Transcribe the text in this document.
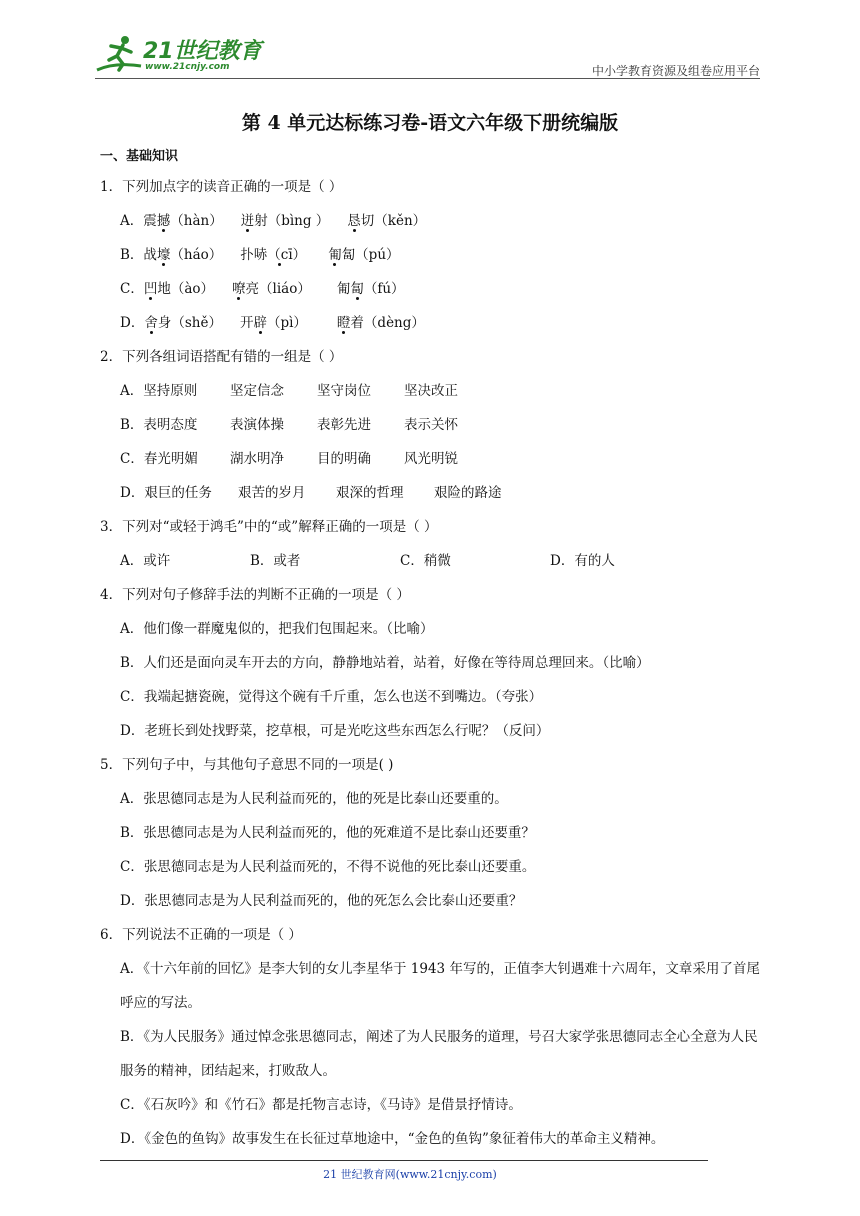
21世纪教育
www.21cnjy.com	中小学教育资源及组卷应用平台
第 4 单元达标练习卷-语文六年级下册统编版
一、基础知识
1．下列加点字的读音正确的一项是（ ）
A．震撼（hàn） 迸射（bìng ） 恳切（kěn）
B．战壕（háo） 扑哧（cī） 匍匐（pú）
C．凹地（ào） 嘹亮（liáo） 匍匐（fú）
D．舍身（shě） 开辟（pì） 瞪着（dèng）
2．下列各组词语搭配有错的一组是（ ）
A．坚持原则 坚定信念 坚守岗位 坚决改正
B．表明态度 表演体操 表彰先进 表示关怀
C．春光明媚 湖水明净 目的明确 风光明锐
D．艰巨的任务 艰苦的岁月 艰深的哲理 艰险的路途
3．下列对“或轻于鸿毛”中的“或”解释正确的一项是（ ）
A．或许	B．或者	C．稍微	D．有的人
4．下列对句子修辞手法的判断不正确的一项是（ ）
A．他们像一群魔鬼似的，把我们包围起来。（比喻）
B．人们还是面向灵车开去的方向，静静地站着，站着，好像在等待周总理回来。（比喻）
C．我端起搪瓷碗，觉得这个碗有千斤重，怎么也送不到嘴边。（夸张）
D．老班长到处找野菜，挖草根，可是光吃这些东西怎么行呢？（反问）
5．下列句子中，与其他句子意思不同的一项是( )
A．张思德同志是为人民利益而死的，他的死是比泰山还要重的。
B．张思德同志是为人民利益而死的，他的死难道不是比泰山还要重？
C．张思德同志是为人民利益而死的，不得不说他的死比泰山还要重。
D．张思德同志是为人民利益而死的，他的死怎么会比泰山还要重？
6．下列说法不正确的一项是（ ）
A．《十六年前的回忆》是李大钊的女儿李星华于 1943 年写的，正值李大钊遇难十六周年，文章采用了首尾呼应的写法。
B．《为人民服务》通过悼念张思德同志，阐述了为人民服务的道理，号召大家学张思德同志全心全意为人民服务的精神，团结起来，打败敌人。
C．《石灰吟》和《竹石》都是托物言志诗，《马诗》是借景抒情诗。
D．《金色的鱼钩》故事发生在长征过草地途中，“金色的鱼钩”象征着伟大的革命主义精神。
21 世纪教育网(www.21cnjy.com)
